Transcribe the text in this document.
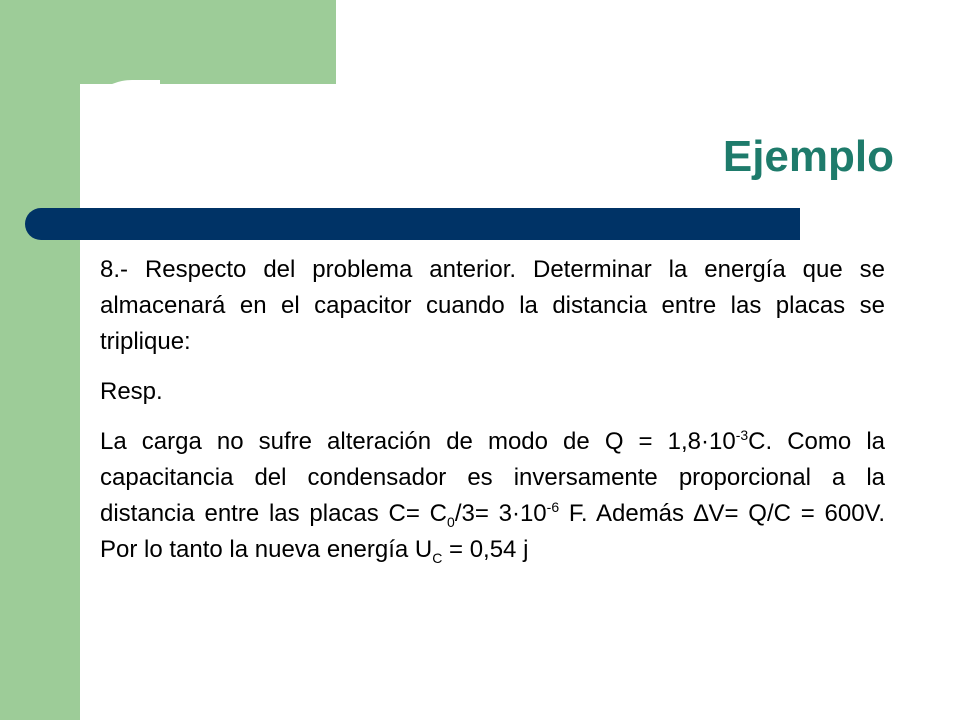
Ejemplo

8.- Respecto del problema anterior. Determinar la energía que se almacenará en el capacitor cuando la distancia entre las placas se triplique:

Resp.

La carga no sufre alteración de modo de $Q = 1,8\cdot 10^{-3}C$. Como la capacitancia del condensador es inversamente proporcional a la distancia entre las placas $C= C_0/3= 3\cdot 10^{-6}$ F. Además ∆V= Q/C = 600V. Por lo tanto la nueva energía $U_C = 0,54$ j
